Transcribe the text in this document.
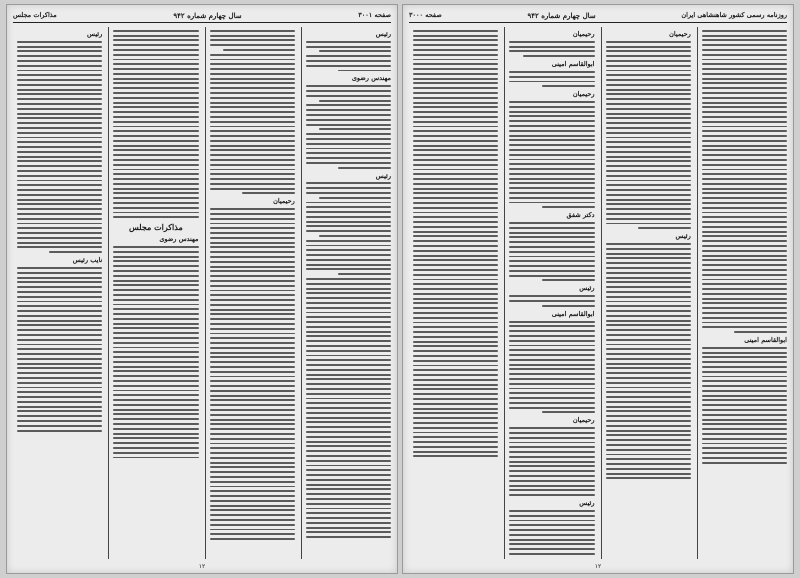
صفحه ۳۰۰۱
سال چهارم شماره ۹۴۲
مذاکرات مجلس
رئیس
مهندس رضوی
رئیس
رحیمیان
مذاکرات مجلس
مهندس رضوی
رئیس
نایب رئیس
۱۲
روزنامه رسمی کشور شاهنشاهی ایران
سال چهارم شماره ۹۴۲
صفحه ۳۰۰۰
ابوالقاسم امینی
رحیمیان
رئیس
رحیمیان
ابوالقاسم امینی
رحیمیان
دکتر شفق
رئیس
ابوالقاسم امینی
رحیمیان
رئیس
۱۲
